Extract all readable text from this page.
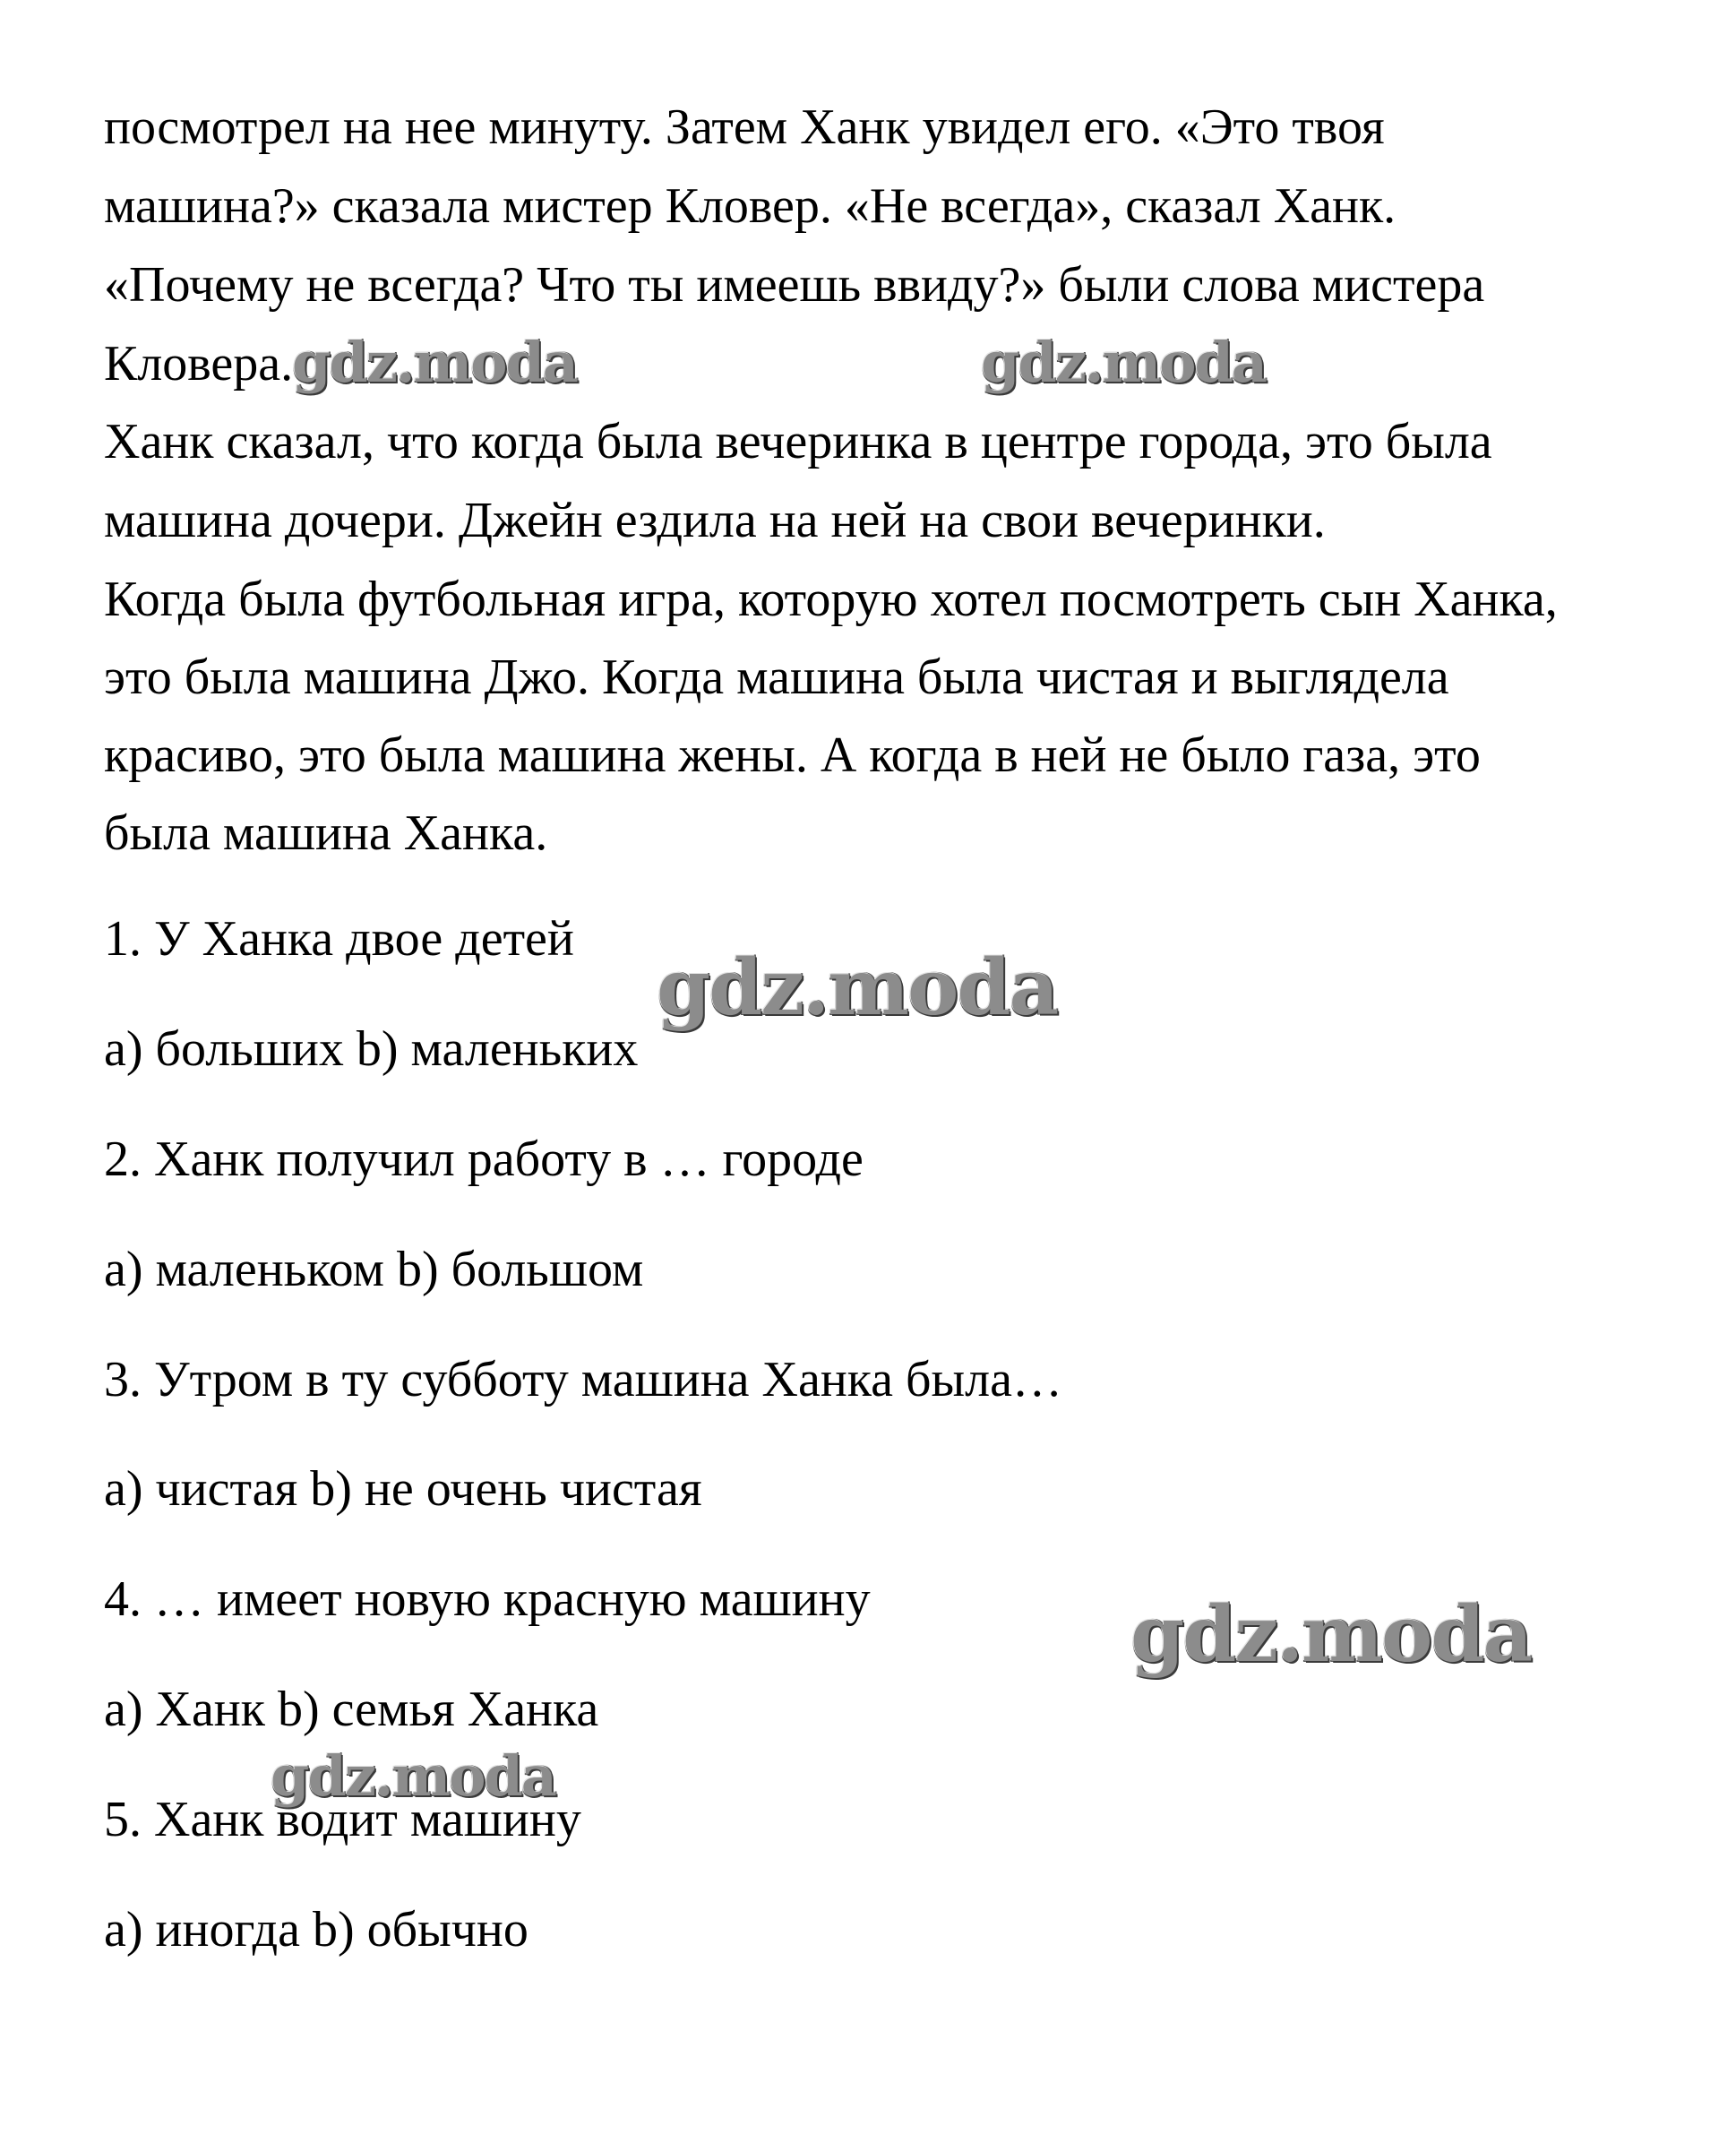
посмотрел на нее минуту. Затем Ханк увидел его. «Это твоя
машина?» сказала мистер Кловер. «Не всегда», сказал Ханк.
«Почему не всегда? Что ты имеешь ввиду?» были слова мистера
Кловера.
Ханк сказал, что когда была вечеринка в центре города, это была
машина дочери. Джейн ездила на ней на свои вечеринки.
Когда была футбольная игра, которую хотел посмотреть сын Ханка,
это была машина Джо. Когда машина была чистая и выглядела
красиво, это была машина жены. А когда в ней не было газа, это
была машина Ханка.
1. У Ханка двое детей
а) больших b) маленьких
2. Ханк получил работу в … городе
а) маленьком b) большом
3. Утром в ту субботу машина Ханка была…
а) чистая b) не очень чистая
4. … имеет новую красную машину
а) Ханк b) семья Ханка
5. Ханк водит машину
а) иногда b) обычно
gdz.moda	gdz.moda
gdz.moda
gdz.moda
gdz.moda
